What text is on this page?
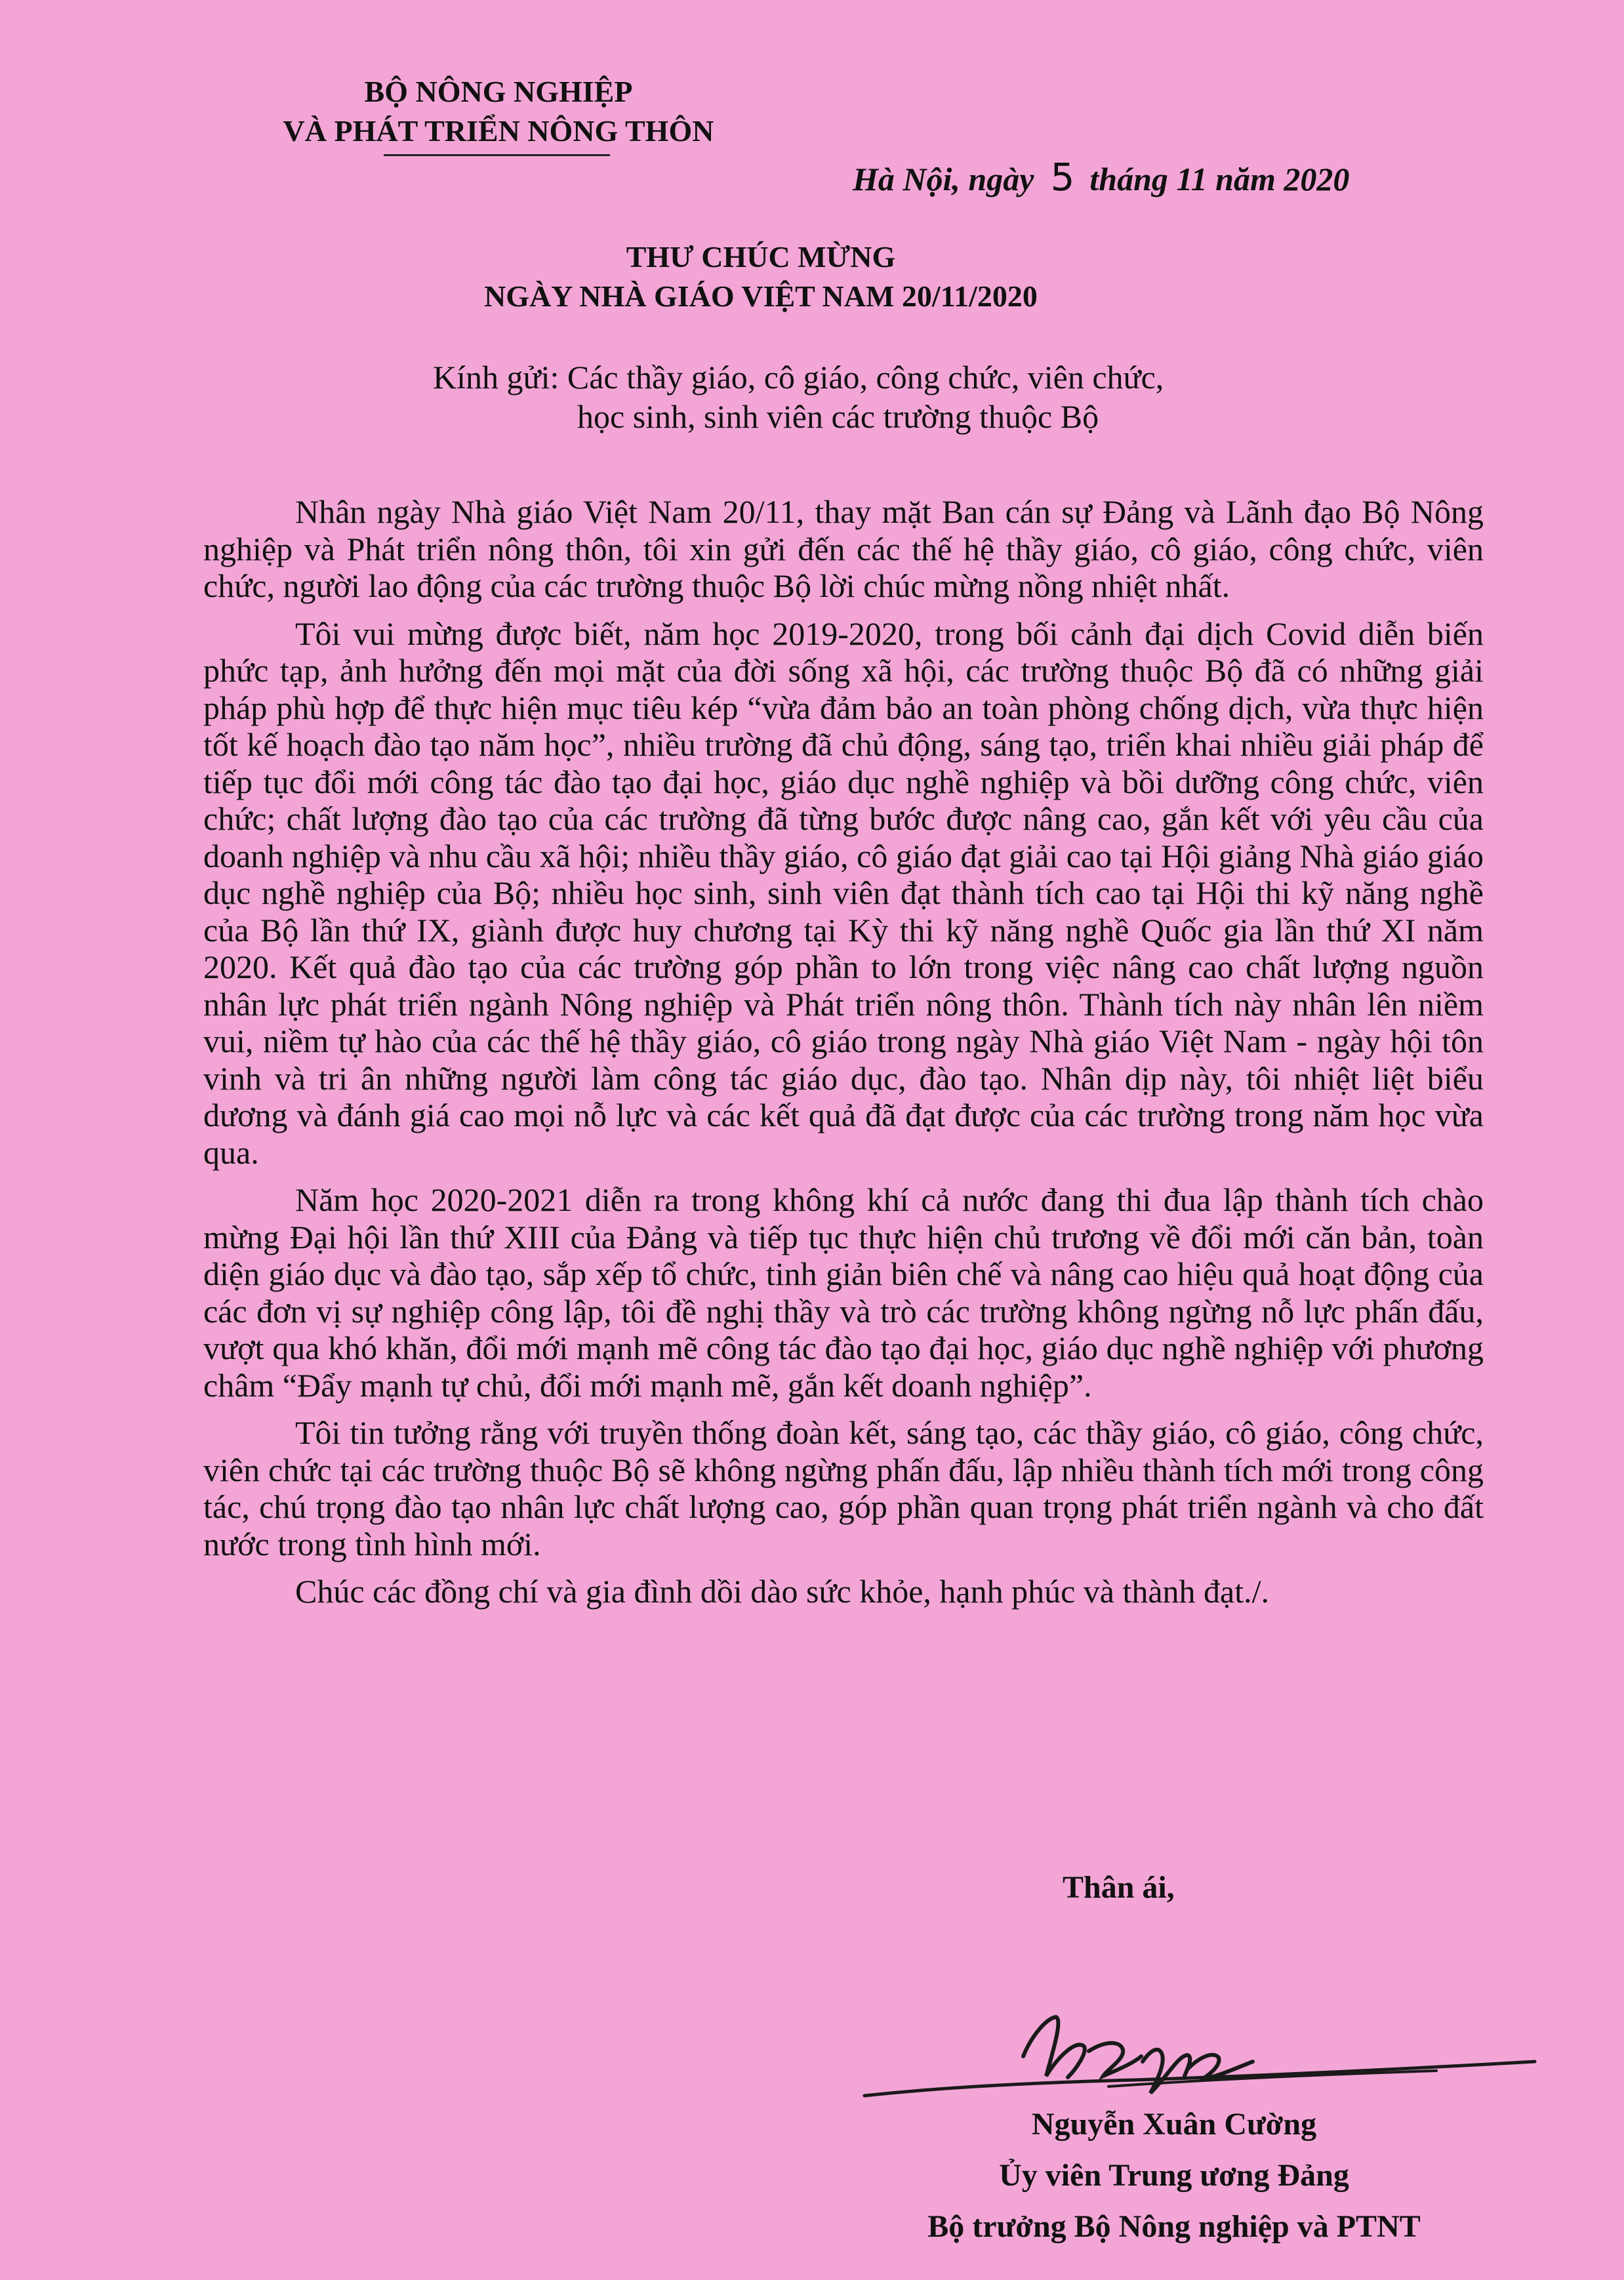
BỘ NÔNG NGHIỆP
VÀ PHÁT TRIỂN NÔNG THÔN
Hà Nội, ngày 5 tháng 11 năm 2020
THƯ CHÚC MỪNG
NGÀY NHÀ GIÁO VIỆT NAM 20/11/2020
Kính gửi: Các thầy giáo, cô giáo, công chức, viên chức,
học sinh, sinh viên các trường thuộc Bộ

Nhân ngày Nhà giáo Việt Nam 20/11, thay mặt Ban cán sự Đảng và Lãnh đạo Bộ Nông nghiệp và Phát triển nông thôn, tôi xin gửi đến các thế hệ thầy giáo, cô giáo, công chức, viên chức, người lao động của các trường thuộc Bộ lời chúc mừng nồng nhiệt nhất.

Tôi vui mừng được biết, năm học 2019-2020, trong bối cảnh đại dịch Covid diễn biến phức tạp, ảnh hưởng đến mọi mặt của đời sống xã hội, các trường thuộc Bộ đã có những giải pháp phù hợp để thực hiện mục tiêu kép “vừa đảm bảo an toàn phòng chống dịch, vừa thực hiện tốt kế hoạch đào tạo năm học”, nhiều trường đã chủ động, sáng tạo, triển khai nhiều giải pháp để tiếp tục đổi mới công tác đào tạo đại học, giáo dục nghề nghiệp và bồi dưỡng công chức, viên chức; chất lượng đào tạo của các trường đã từng bước được nâng cao, gắn kết với yêu cầu của doanh nghiệp và nhu cầu xã hội; nhiều thầy giáo, cô giáo đạt giải cao tại Hội giảng Nhà giáo giáo dục nghề nghiệp của Bộ; nhiều học sinh, sinh viên đạt thành tích cao tại Hội thi kỹ năng nghề của Bộ lần thứ IX, giành được huy chương tại Kỳ thi kỹ năng nghề Quốc gia lần thứ XI năm 2020. Kết quả đào tạo của các trường góp phần to lớn trong việc nâng cao chất lượng nguồn nhân lực phát triển ngành Nông nghiệp và Phát triển nông thôn. Thành tích này nhân lên niềm vui, niềm tự hào của các thế hệ thầy giáo, cô giáo trong ngày Nhà giáo Việt Nam - ngày hội tôn vinh và tri ân những người làm công tác giáo dục, đào tạo. Nhân dịp này, tôi nhiệt liệt biểu dương và đánh giá cao mọi nỗ lực và các kết quả đã đạt được của các trường trong năm học vừa qua.

Năm học 2020-2021 diễn ra trong không khí cả nước đang thi đua lập thành tích chào mừng Đại hội lần thứ XIII của Đảng và tiếp tục thực hiện chủ trương về đổi mới căn bản, toàn diện giáo dục và đào tạo, sắp xếp tổ chức, tinh giản biên chế và nâng cao hiệu quả hoạt động của các đơn vị sự nghiệp công lập, tôi đề nghị thầy và trò các trường không ngừng nỗ lực phấn đấu, vượt qua khó khăn, đổi mới mạnh mẽ công tác đào tạo đại học, giáo dục nghề nghiệp với phương châm “Đẩy mạnh tự chủ, đổi mới mạnh mẽ, gắn kết doanh nghiệp”.

Tôi tin tưởng rằng với truyền thống đoàn kết, sáng tạo, các thầy giáo, cô giáo, công chức, viên chức tại các trường thuộc Bộ sẽ không ngừng phấn đấu, lập nhiều thành tích mới trong công tác, chú trọng đào tạo nhân lực chất lượng cao, góp phần quan trọng phát triển ngành và cho đất nước trong tình hình mới.

Chúc các đồng chí và gia đình dồi dào sức khỏe, hạnh phúc và thành đạt./.

Thân ái,
Nguyễn Xuân Cường
Ủy viên Trung ương Đảng
Bộ trưởng Bộ Nông nghiệp và PTNT
